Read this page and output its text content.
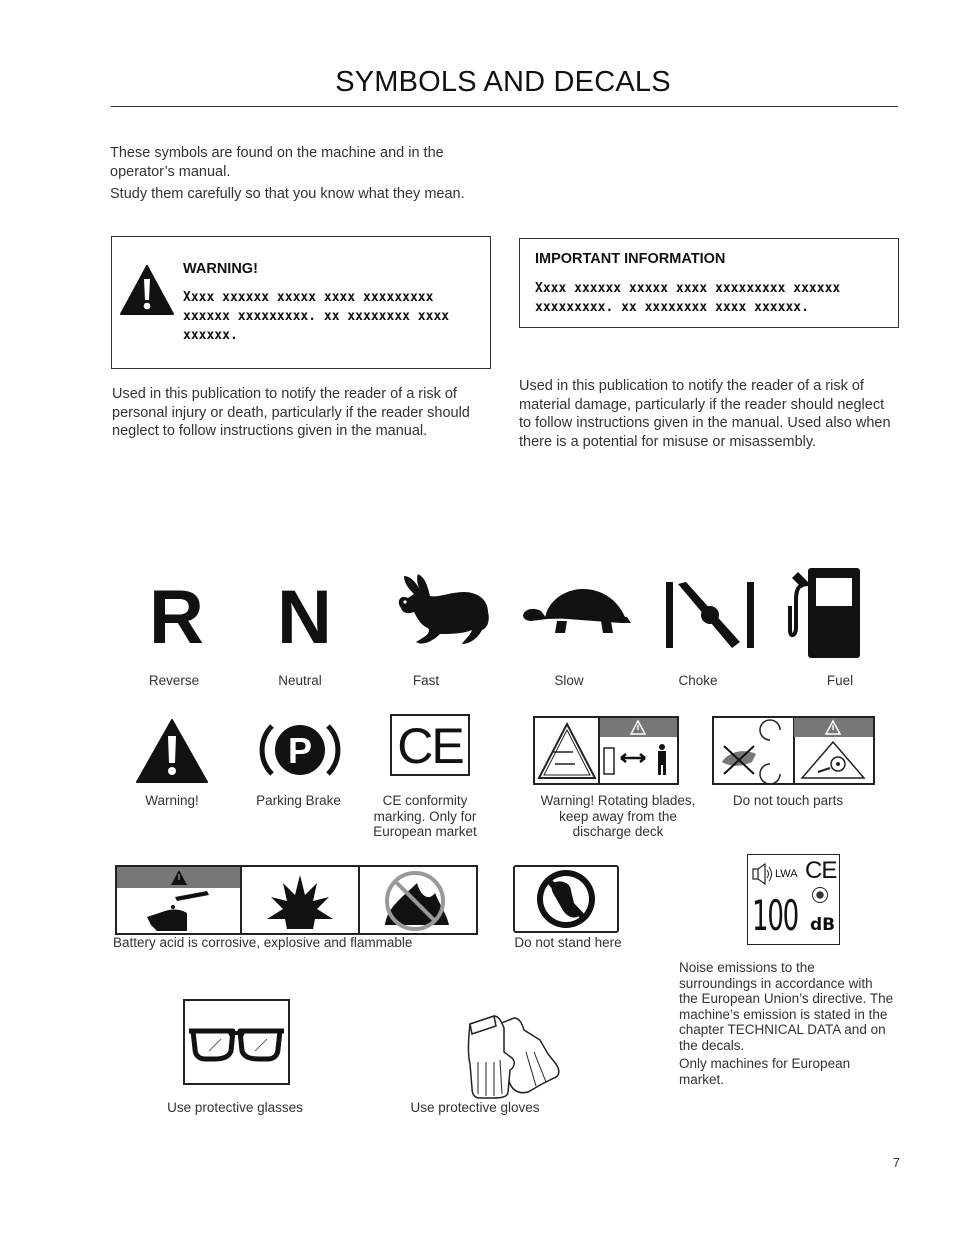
SYMBOLS AND DECALS
These symbols are found on the machine and in the operator’s manual.
Study them carefully so that you know what they mean.
WARNING!
Xxxx xxxxxx xxxxx xxxx xxxxxxxxx xxxxxx xxxxxxxxx. xx xxxxxxxx xxxx xxxxxx.
Used in this publication to notify the reader of a risk of personal injury or death, particularly if the reader should neglect to follow instructions given in the manual.
IMPORTANT INFORMATION
Xxxx xxxxxx xxxxx xxxx xxxxxxxxx xxxxxx xxxxxxxxx. xx xxxxxxxx xxxx xxxxxx.
Used in this publication to notify the reader of a risk of material damage, particularly if the reader should neglect to follow instructions given in the manual. Used also when there is a potential for misuse or misassembly.
R N
Reverse	Neutral	Fast	Slow	Choke	Fuel
P CE
Warning!	Parking Brake	CE conformity marking. Only for European market
Warning! Rotating blades, keep away from the discharge deck
Do not touch parts
Battery acid is corrosive, explosive and flammable	Do not stand here
LWA CE
100 dB
Noise emissions to the surroundings in accordance with the European Union’s directive. The machine’s emission is stated in the chapter TECHNICAL DATA and on the decals.
Only machines for European market.
Use protective glasses	Use protective gloves
7
